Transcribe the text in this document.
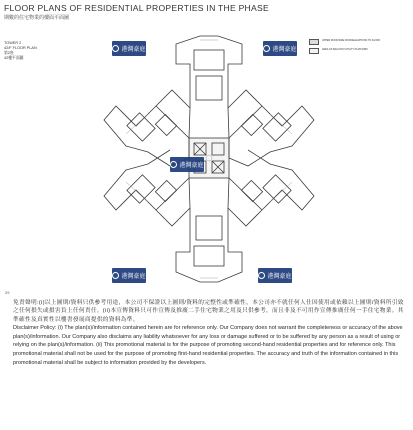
FLOOR PLANS OF RESIDENTIAL PROPERTIES IN THE PHASE
期數的住宅物業的樓面平面圖
TOWER 2
42/F FLOOR PLAN
第2座
42樓平面圖
UPPER ROOF/SIDE DOOR/ELEVATIONS TO FLOOR
AREA OF BALCONY/UTILITY PLATFORM
港灣豪庭	港灣豪庭
港灣豪庭
港灣豪庭	港灣豪庭
29

免責聲明:(i)以上圖則/資料只供參考用途，本公司不保證以上圖則/資料的完整性或準確性，本公司亦不就任何人仕因使用或依賴以上圖則/資料所引致之任何損失或損害負上任何責任。(ii)本宣傳資料只可作宣傳及推廣二手住宅物業之用及只供參考，而且非及不可用作宣傳推廣任何一手住宅物業。其準確性及真實性以樓書發展商提供的資料為準。

Disclaimer Policy: (i) The plan(s)/information contained herein are for reference only. Our Company does not warrant the completeness or accuracy of the above plan(s)/information. Our Company also disclaims any liability whatsoever for any loss or damage suffered or to be suffered by any person as a result of using or relying on the plan(s)/information. (ii) This promotional material is for the purpose of promoting second-hand residential properties and for reference only. This promotional material shall not be used for the purpose of promoting first-hand residential properties. The accuracy and truth of the information contained in this promotional material shall be subject to information provided by the developers.
